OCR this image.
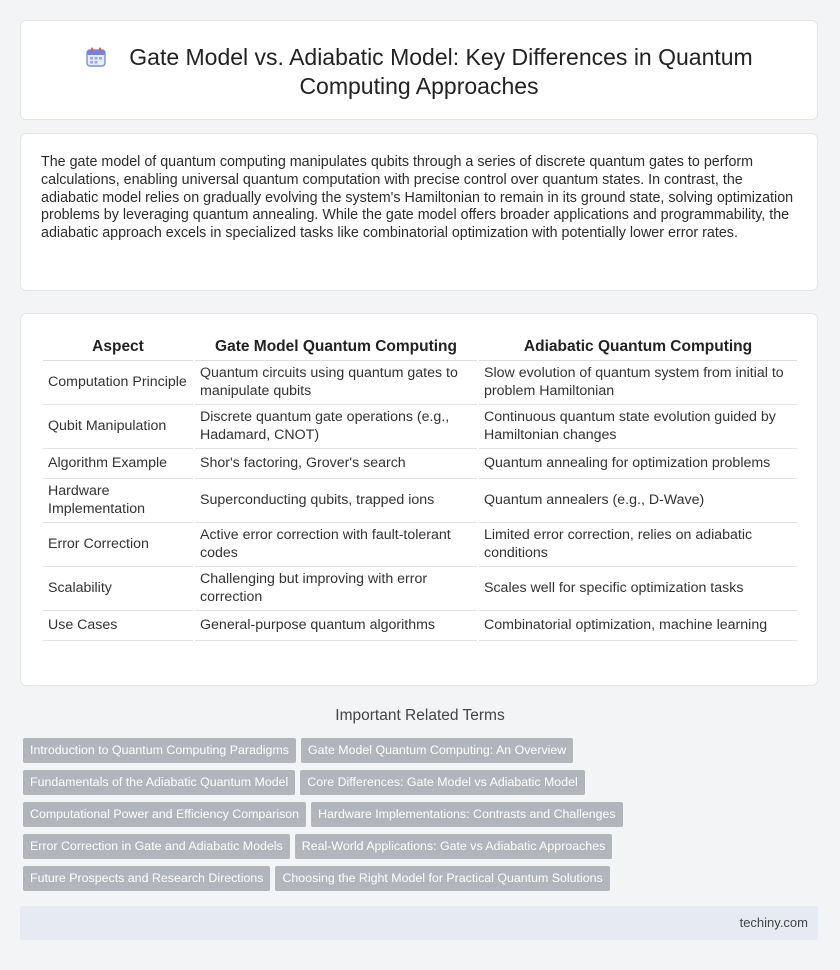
Gate Model vs. Adiabatic Model: Key Differences in Quantum Computing Approaches

The gate model of quantum computing manipulates qubits through a series of discrete quantum gates to perform calculations, enabling universal quantum computation with precise control over quantum states. In contrast, the adiabatic model relies on gradually evolving the system's Hamiltonian to remain in its ground state, solving optimization problems by leveraging quantum annealing. While the gate model offers broader applications and programmability, the adiabatic approach excels in specialized tasks like combinatorial optimization with potentially lower error rates.

Aspect	Gate Model Quantum Computing	Adiabatic Quantum Computing
Computation Principle	Quantum circuits using quantum gates to manipulate qubits	Slow evolution of quantum system from initial to problem Hamiltonian
Qubit Manipulation	Discrete quantum gate operations (e.g., Hadamard, CNOT)	Continuous quantum state evolution guided by Hamiltonian changes
Algorithm Example	Shor's factoring, Grover's search	Quantum annealing for optimization problems
Hardware Implementation	Superconducting qubits, trapped ions	Quantum annealers (e.g., D-Wave)
Error Correction	Active error correction with fault-tolerant codes	Limited error correction, relies on adiabatic conditions
Scalability	Challenging but improving with error correction	Scales well for specific optimization tasks
Use Cases	General-purpose quantum algorithms	Combinatorial optimization, machine learning
Important Related Terms
Introduction to Quantum Computing Paradigms Gate Model Quantum Computing: An Overview
Fundamentals of the Adiabatic Quantum Model Core Differences: Gate Model vs Adiabatic Model
Computational Power and Efficiency Comparison Hardware Implementations: Contrasts and Challenges
Error Correction in Gate and Adiabatic Models Real-World Applications: Gate vs Adiabatic Approaches
Future Prospects and Research Directions Choosing the Right Model for Practical Quantum Solutions
techiny.com
